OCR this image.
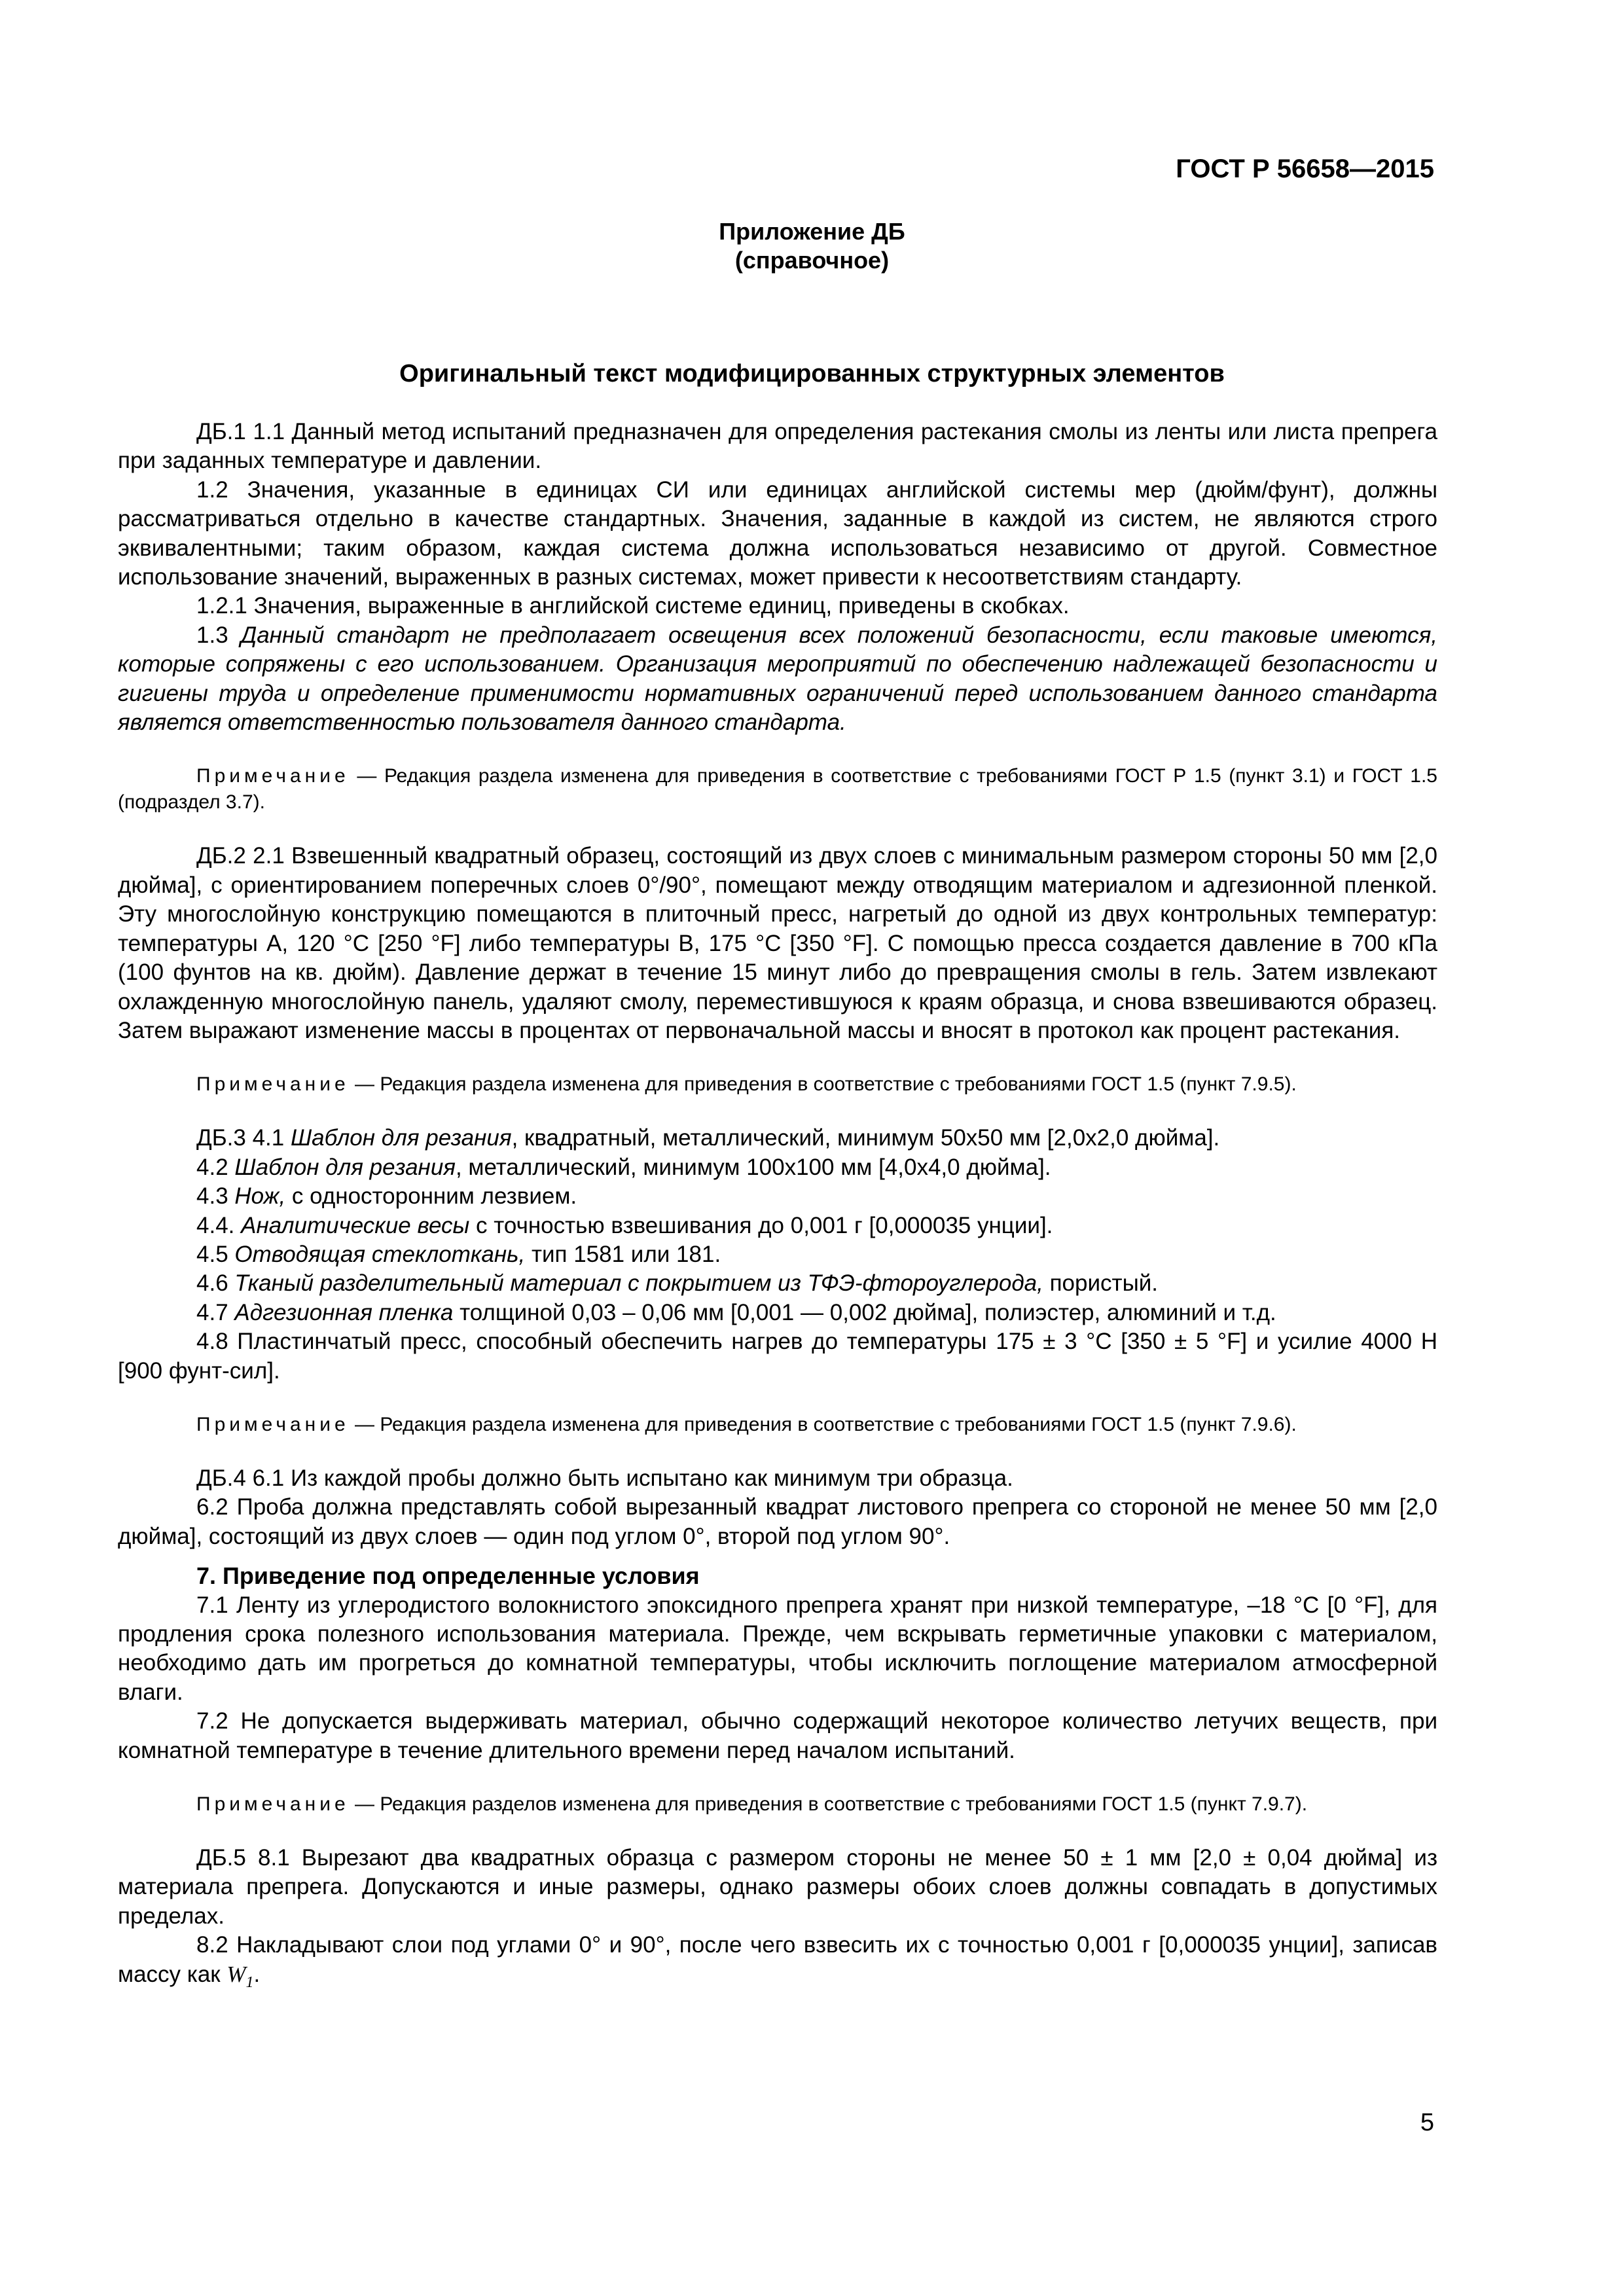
ГОСТ Р 56658—2015
Приложение ДБ
(справочное)
Оригинальный текст модифицированных структурных элементов

ДБ.1 1.1 Данный метод испытаний предназначен для определения растекания смолы из ленты или листа препрега при заданных температуре и давлении.

1.2 Значения, указанные в единицах СИ или единицах английской системы мер (дюйм/фунт), должны рассматриваться отдельно в качестве стандартных. Значения, заданные в каждой из систем, не являются строго эквивалентными; таким образом, каждая система должна использоваться независимо от другой. Совместное использование значений, выраженных в разных системах, может привести к несоответствиям стандарту.

1.2.1 Значения, выраженные в английской системе единиц, приведены в скобках.

1.3 Данный стандарт не предполагает освещения всех положений безопасности, если таковые имеются, которые сопряжены с его использованием. Организация мероприятий по обеспечению надлежащей безопасности и гигиены труда и определение применимости нормативных ограничений перед использованием данного стандарта является ответственностью пользователя данного стандарта.

Примечание — Редакция раздела изменена для приведения в соответствие с требованиями ГОСТ Р 1.5 (пункт 3.1) и ГОСТ 1.5 (подраздел 3.7).

ДБ.2 2.1 Взвешенный квадратный образец, состоящий из двух слоев с минимальным размером стороны 50 мм [2,0 дюйма], с ориентированием поперечных слоев 0°/90°, помещают между отводящим материалом и адгезионной пленкой. Эту многослойную конструкцию помещаются в плиточный пресс, нагретый до одной из двух контрольных температур: температуры А, 120 °С [250 °F] либо температуры В, 175 °С [350 °F]. С помощью пресса создается давление в 700 кПа (100 фунтов на кв. дюйм). Давление держат в течение 15 минут либо до превращения смолы в гель. Затем извлекают охлажденную многослойную панель, удаляют смолу, переместившуюся к краям образца, и снова взвешиваются образец. Затем выражают изменение массы в процентах от первоначальной массы и вносят в протокол как процент растекания.

Примечание — Редакция раздела изменена для приведения в соответствие с требованиями ГОСТ 1.5 (пункт 7.9.5).

ДБ.3 4.1 Шаблон для резания, квадратный, металлический, минимум 50x50 мм [2,0x2,0 дюйма].

4.2 Шаблон для резания, металлический, минимум 100x100 мм [4,0x4,0 дюйма].

4.3 Нож, с односторонним лезвием.

4.4. Аналитические весы с точностью взвешивания до 0,001 г [0,000035 унции].

4.5 Отводящая стеклоткань, тип 1581 или 181.

4.6 Тканый разделительный материал с покрытием из ТФЭ-фтороуглерода, пористый.

4.7 Адгезионная пленка толщиной 0,03 – 0,06 мм [0,001 — 0,002 дюйма], полиэстер, алюминий и т.д.

4.8 Пластинчатый пресс, способный обеспечить нагрев до температуры 175 ± 3 °С [350 ± 5 °F] и усилие 4000 Н [900 фунт-сил].

Примечание — Редакция раздела изменена для приведения в соответствие с требованиями ГОСТ 1.5 (пункт 7.9.6).

ДБ.4 6.1 Из каждой пробы должно быть испытано как минимум три образца.

6.2 Проба должна представлять собой вырезанный квадрат листового препрега со стороной не менее 50 мм [2,0 дюйма], состоящий из двух слоев — один под углом 0°, второй под углом 90°.

7. Приведение под определенные условия

7.1 Ленту из углеродистого волокнистого эпоксидного препрега хранят при низкой температуре, –18 °С [0 °F], для продления срока полезного использования материала. Прежде, чем вскрывать герметичные упаковки с материалом, необходимо дать им прогреться до комнатной температуры, чтобы исключить поглощение материалом атмосферной влаги.

7.2 Не допускается выдерживать материал, обычно содержащий некоторое количество летучих веществ, при комнатной температуре в течение длительного времени перед началом испытаний.

Примечание — Редакция разделов изменена для приведения в соответствие с требованиями ГОСТ 1.5 (пункт 7.9.7).

ДБ.5 8.1 Вырезают два квадратных образца с размером стороны не менее 50 ± 1 мм [2,0 ± 0,04 дюйма] из материала препрега. Допускаются и иные размеры, однако размеры обоих слоев должны совпадать в допустимых пределах.

8.2 Накладывают слои под углами 0° и 90°, после чего взвесить их с точностью 0,001 г [0,000035 унции], записав массу как $W_1$.

5
